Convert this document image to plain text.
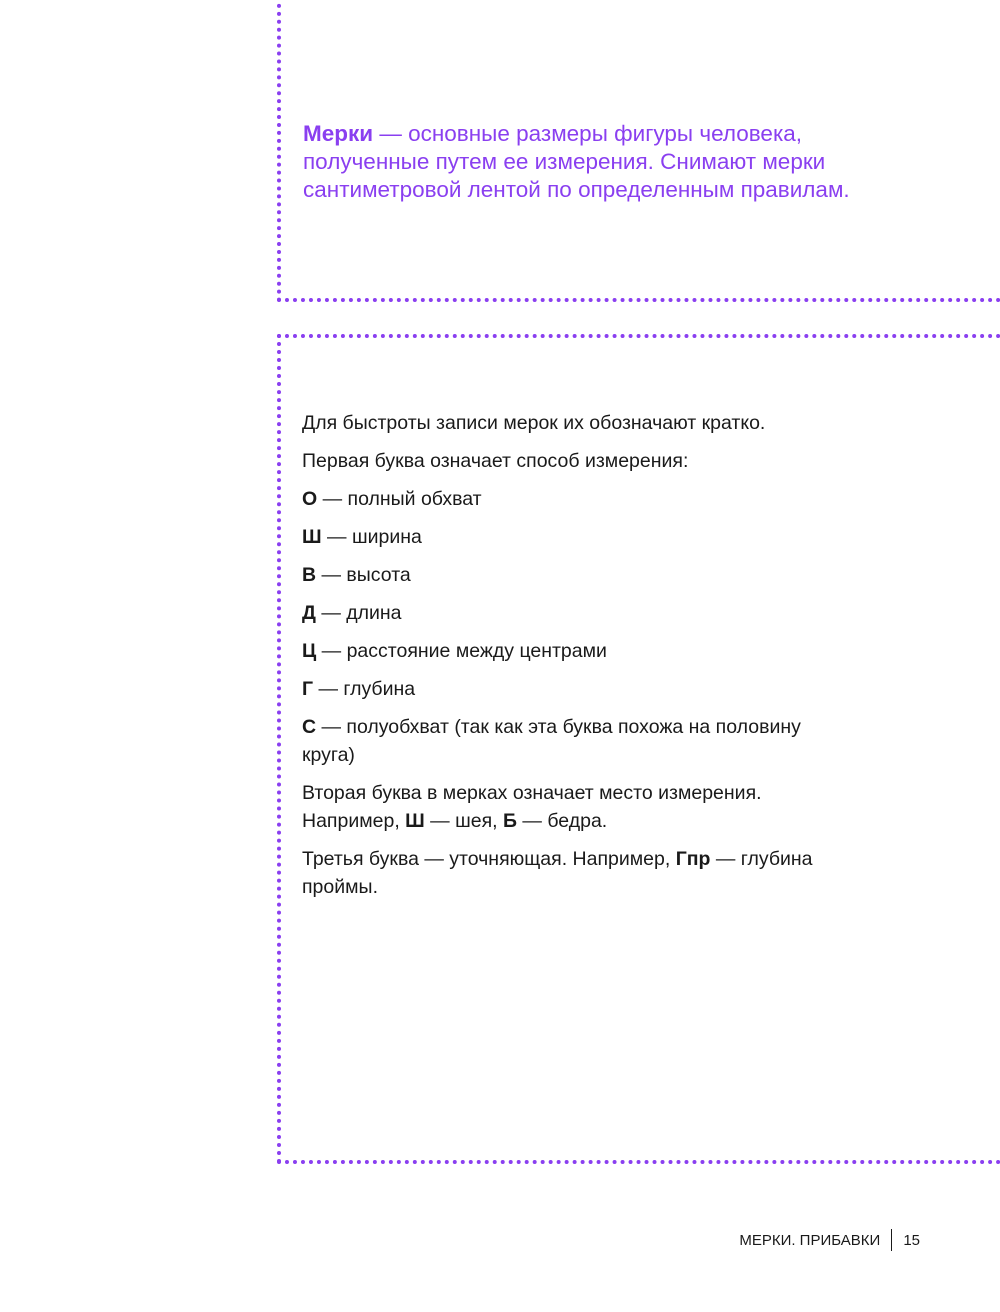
Мерки — основные размеры фигуры человека, полученные путем ее измерения. Снимают мерки сантиметровой лентой по определенным правилам.

Для быстроты записи мерок их обозначают кратко.

Первая буква означает способ измерения:

О — полный обхват

Ш — ширина

В — высота

Д — длина

Ц — расстояние между центрами

Г — глубина

С — полуобхват (так как эта буква похожа на половину круга)

Вторая буква в мерках означает место измерения. Например, Ш — шея, Б — бедра.

Третья буква — уточняющая. Например, Гпр — глубина проймы.

МЕРКИ. ПРИБАВКИ 15
